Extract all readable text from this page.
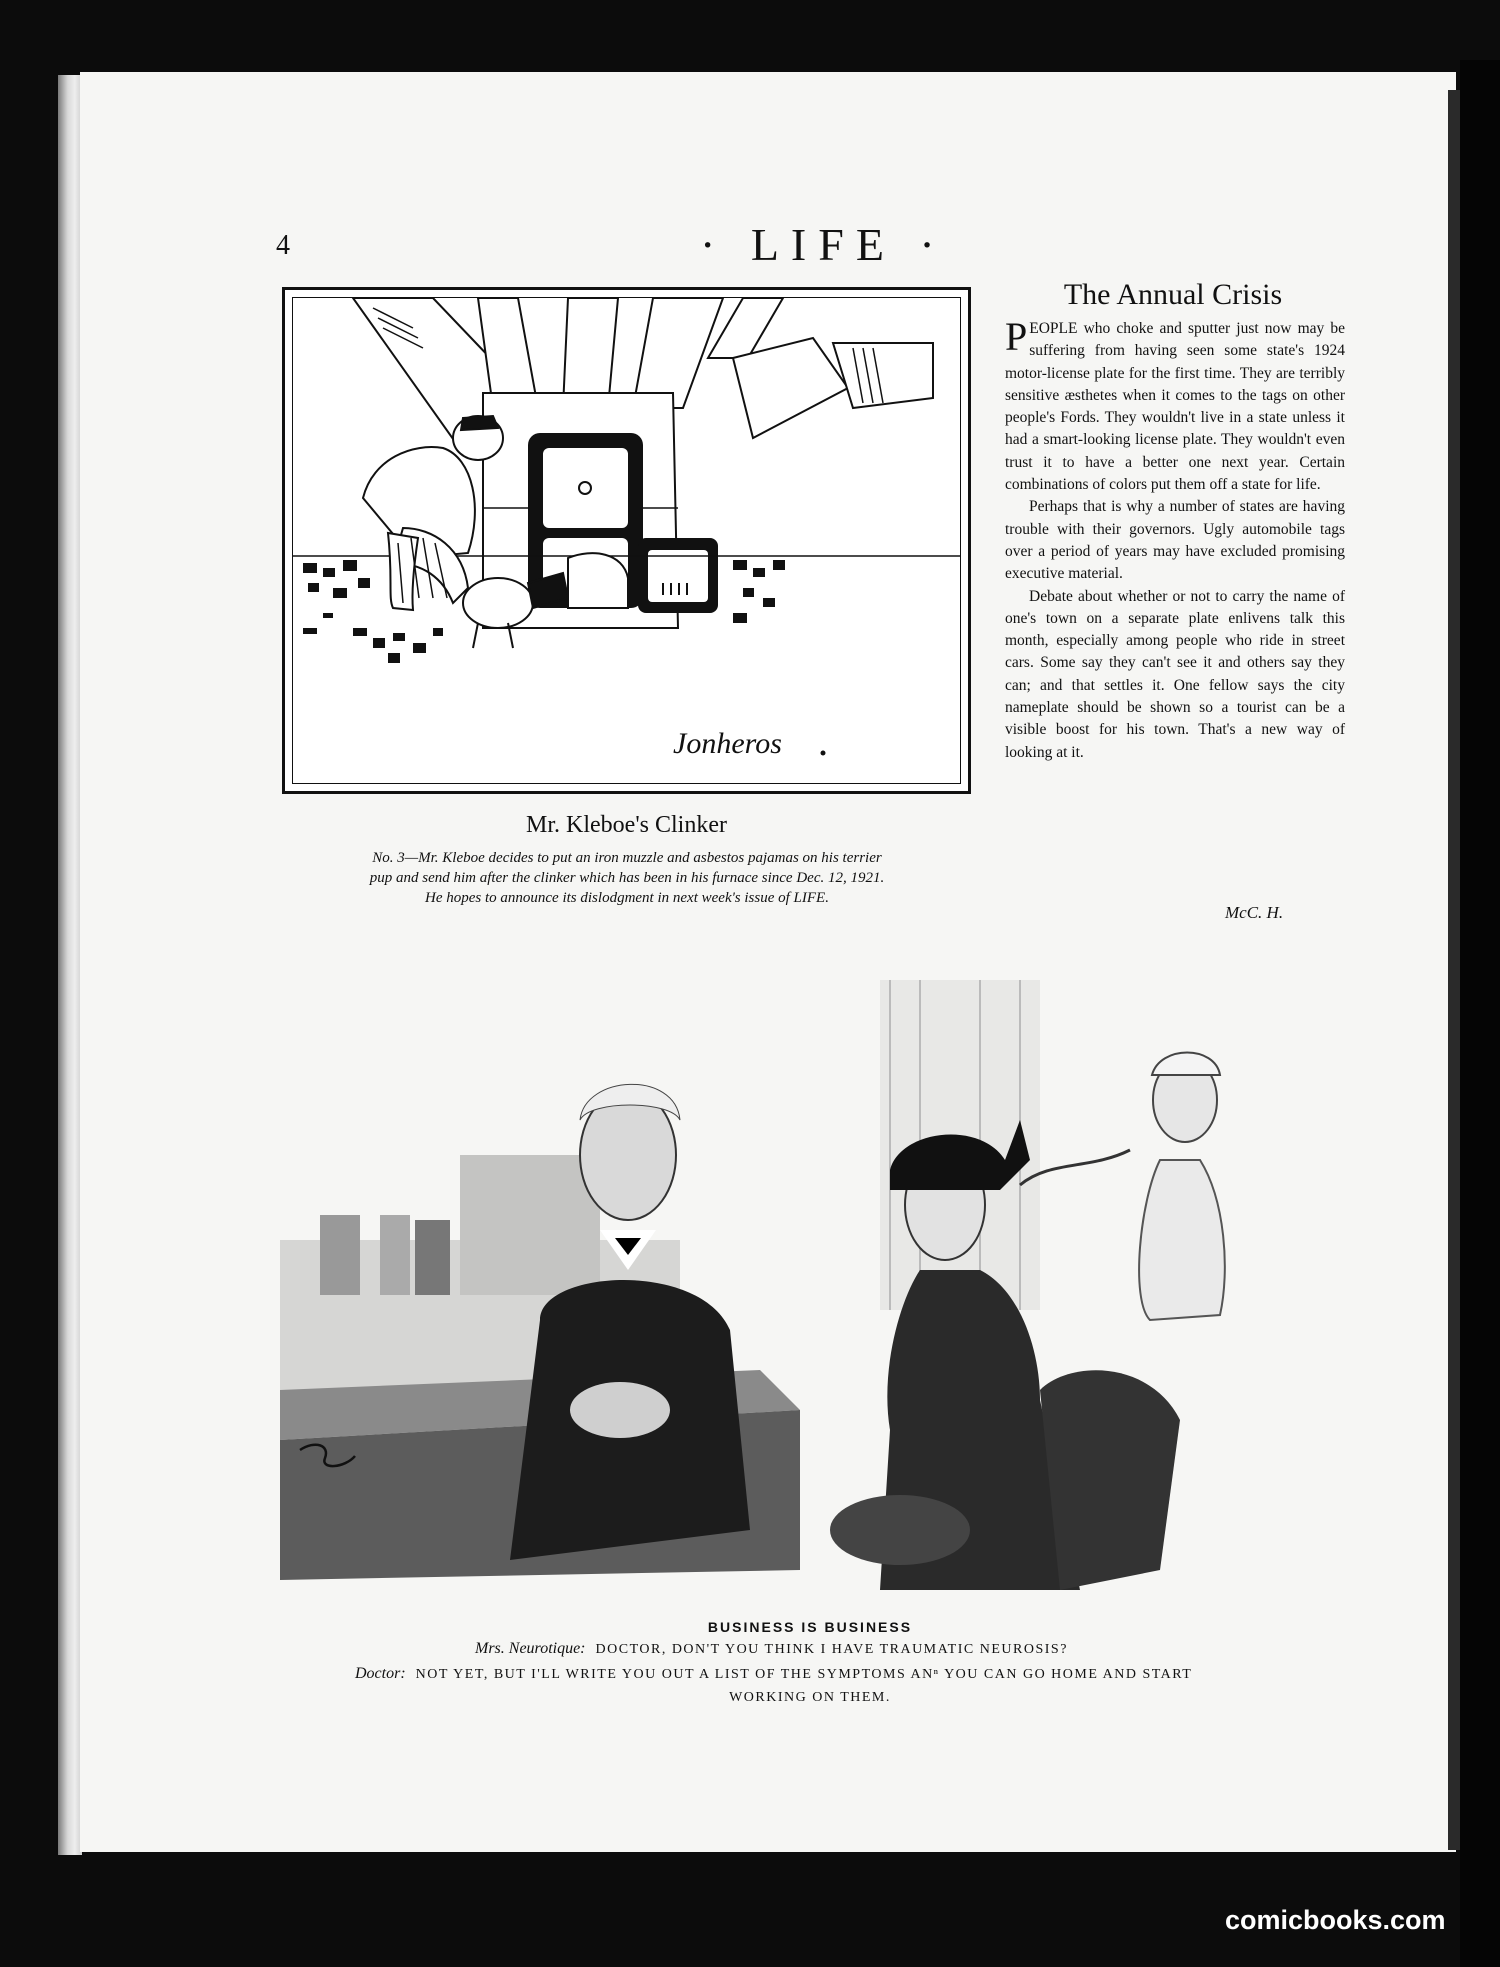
4	· LIFE ·
Jonheros
Mr. Kleboe's Clinker
No. 3—Mr. Kleboe decides to put an iron muzzle and asbestos pajamas on his terrier
pup and send him after the clinker which has been in his furnace since Dec. 12, 1921.
He hopes to announce its dislodgment in next week's issue of LIFE.
The Annual Crisis

PEOPLE who choke and sputter just now may be suffering from having seen some state's 1924 motor-license plate for the first time. They are terribly sensitive æsthetes when it comes to the tags on other people's Fords. They wouldn't live in a state unless it had a smart-looking license plate. They wouldn't even trust it to have a better one next year. Certain combinations of colors put them off a state for life.

Perhaps that is why a number of states are having trouble with their governors. Ugly automobile tags over a period of years may have excluded promising executive material.

Debate about whether or not to carry the name of one's town on a separate plate enlivens talk this month, especially among people who ride in street cars. Some say they can't see it and others say they can; and that settles it. One fellow says the city nameplate should be shown so a tourist can be a visible boost for his town. That's a new way of looking at it.

McC. H.
BUSINESS IS BUSINESS
Mrs. Neurotique: DOCTOR, DON'T YOU THINK I HAVE TRAUMATIC NEUROSIS?
Doctor: NOT YET, BUT I'LL WRITE YOU OUT A LIST OF THE SYMPTOMS ANⁿ YOU CAN GO HOME AND START
WORKING ON THEM.
comicbooks.com
